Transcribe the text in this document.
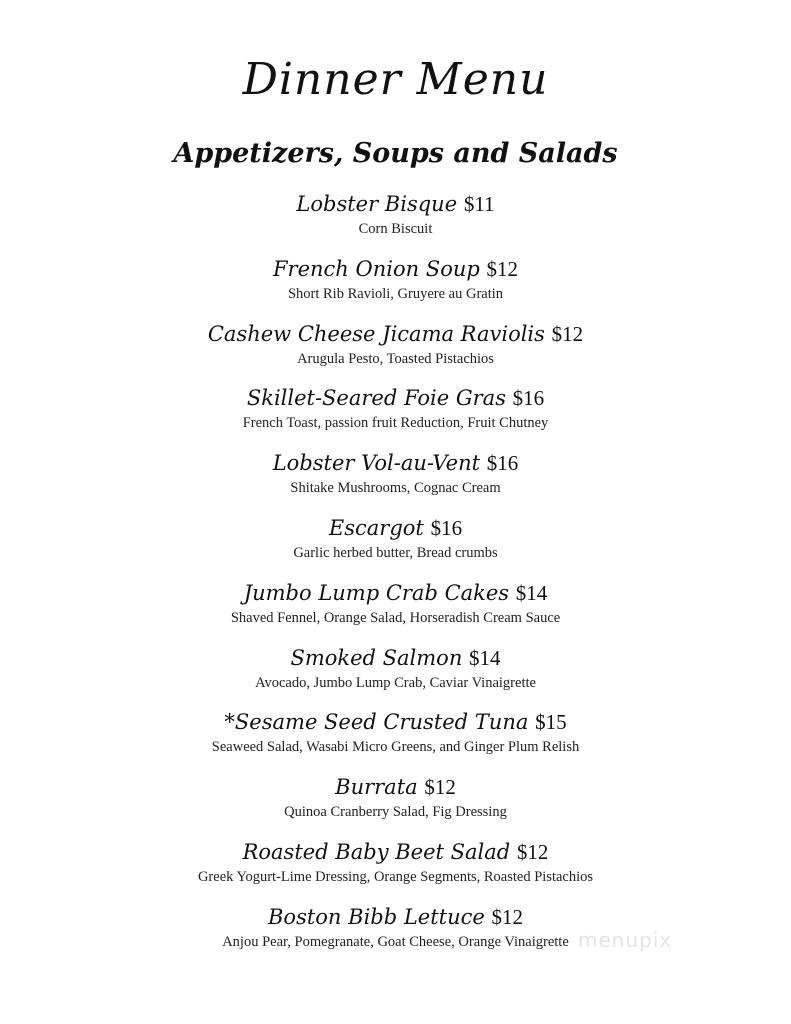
Dinner Menu
Appetizers, Soups and Salads
Lobster Bisque $11
Corn Biscuit
French Onion Soup $12
Short Rib Ravioli, Gruyere au Gratin
Cashew Cheese Jicama Raviolis $12
Arugula Pesto, Toasted Pistachios
Skillet-Seared Foie Gras $16
French Toast, passion fruit Reduction, Fruit Chutney
Lobster Vol-au-Vent $16
Shitake Mushrooms, Cognac Cream
Escargot $16
Garlic herbed butter, Bread crumbs
Jumbo Lump Crab Cakes $14
Shaved Fennel, Orange Salad, Horseradish Cream Sauce
Smoked Salmon $14
Avocado, Jumbo Lump Crab, Caviar Vinaigrette
*Sesame Seed Crusted Tuna $15
Seaweed Salad, Wasabi Micro Greens, and Ginger Plum Relish
Burrata $12
Quinoa Cranberry Salad, Fig Dressing
Roasted Baby Beet Salad $12
Greek Yogurt-Lime Dressing, Orange Segments, Roasted Pistachios
Boston Bibb Lettuce $12
Anjou Pear, Pomegranate, Goat Cheese, Orange Vinaigrette menupix
